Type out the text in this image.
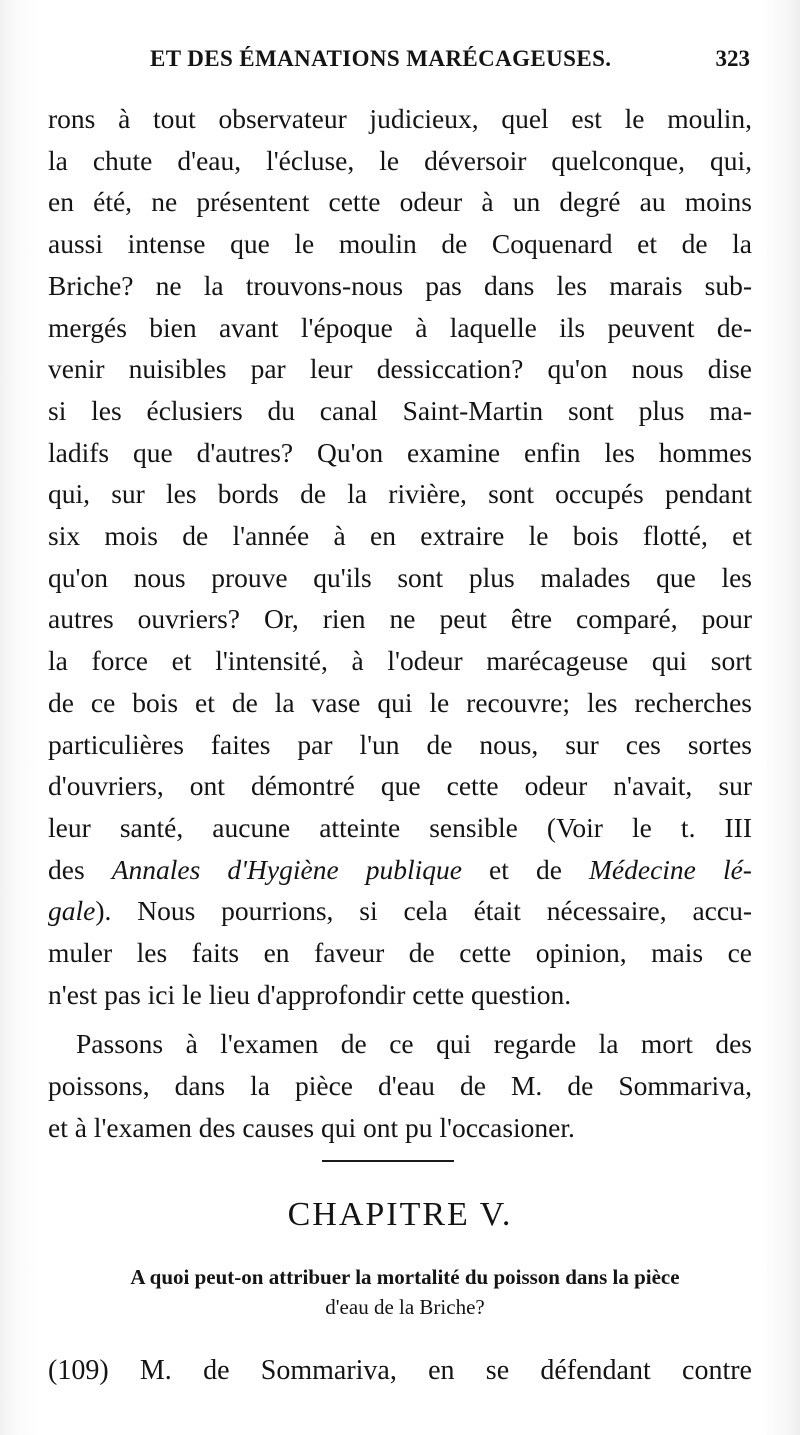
ET DES ÉMANATIONS MARÉCAGEUSES.	323
rons à tout observateur judicieux, quel est le moulin,
la chute d'eau, l'écluse, le déversoir quelconque, qui,
en été, ne présentent cette odeur à un degré au moins
aussi intense que le moulin de Coquenard et de la
Briche? ne la trouvons-nous pas dans les marais sub-
mergés bien avant l'époque à laquelle ils peuvent de-
venir nuisibles par leur dessiccation? qu'on nous dise
si les éclusiers du canal Saint-Martin sont plus ma-
ladifs que d'autres? Qu'on examine enfin les hommes
qui, sur les bords de la rivière, sont occupés pendant
six mois de l'année à en extraire le bois flotté, et
qu'on nous prouve qu'ils sont plus malades que les
autres ouvriers? Or, rien ne peut être comparé, pour
la force et l'intensité, à l'odeur marécageuse qui sort
de ce bois et de la vase qui le recouvre; les recherches
particulières faites par l'un de nous, sur ces sortes
d'ouvriers, ont démontré que cette odeur n'avait, sur
leur santé, aucune atteinte sensible (Voir le t. III
des Annales d'Hygiène publique et de Médecine lé-
gale). Nous pourrions, si cela était nécessaire, accu-
muler les faits en faveur de cette opinion, mais ce
n'est pas ici le lieu d'approfondir cette question.
Passons à l'examen de ce qui regarde la mort des
poissons, dans la pièce d'eau de M. de Sommariva,
et à l'examen des causes qui ont pu l'occasioner.
CHAPITRE V.
A quoi peut-on attribuer la mortalité du poisson dans la pièce
d'eau de la Briche?
(109) M. de Sommariva, en se défendant contre
